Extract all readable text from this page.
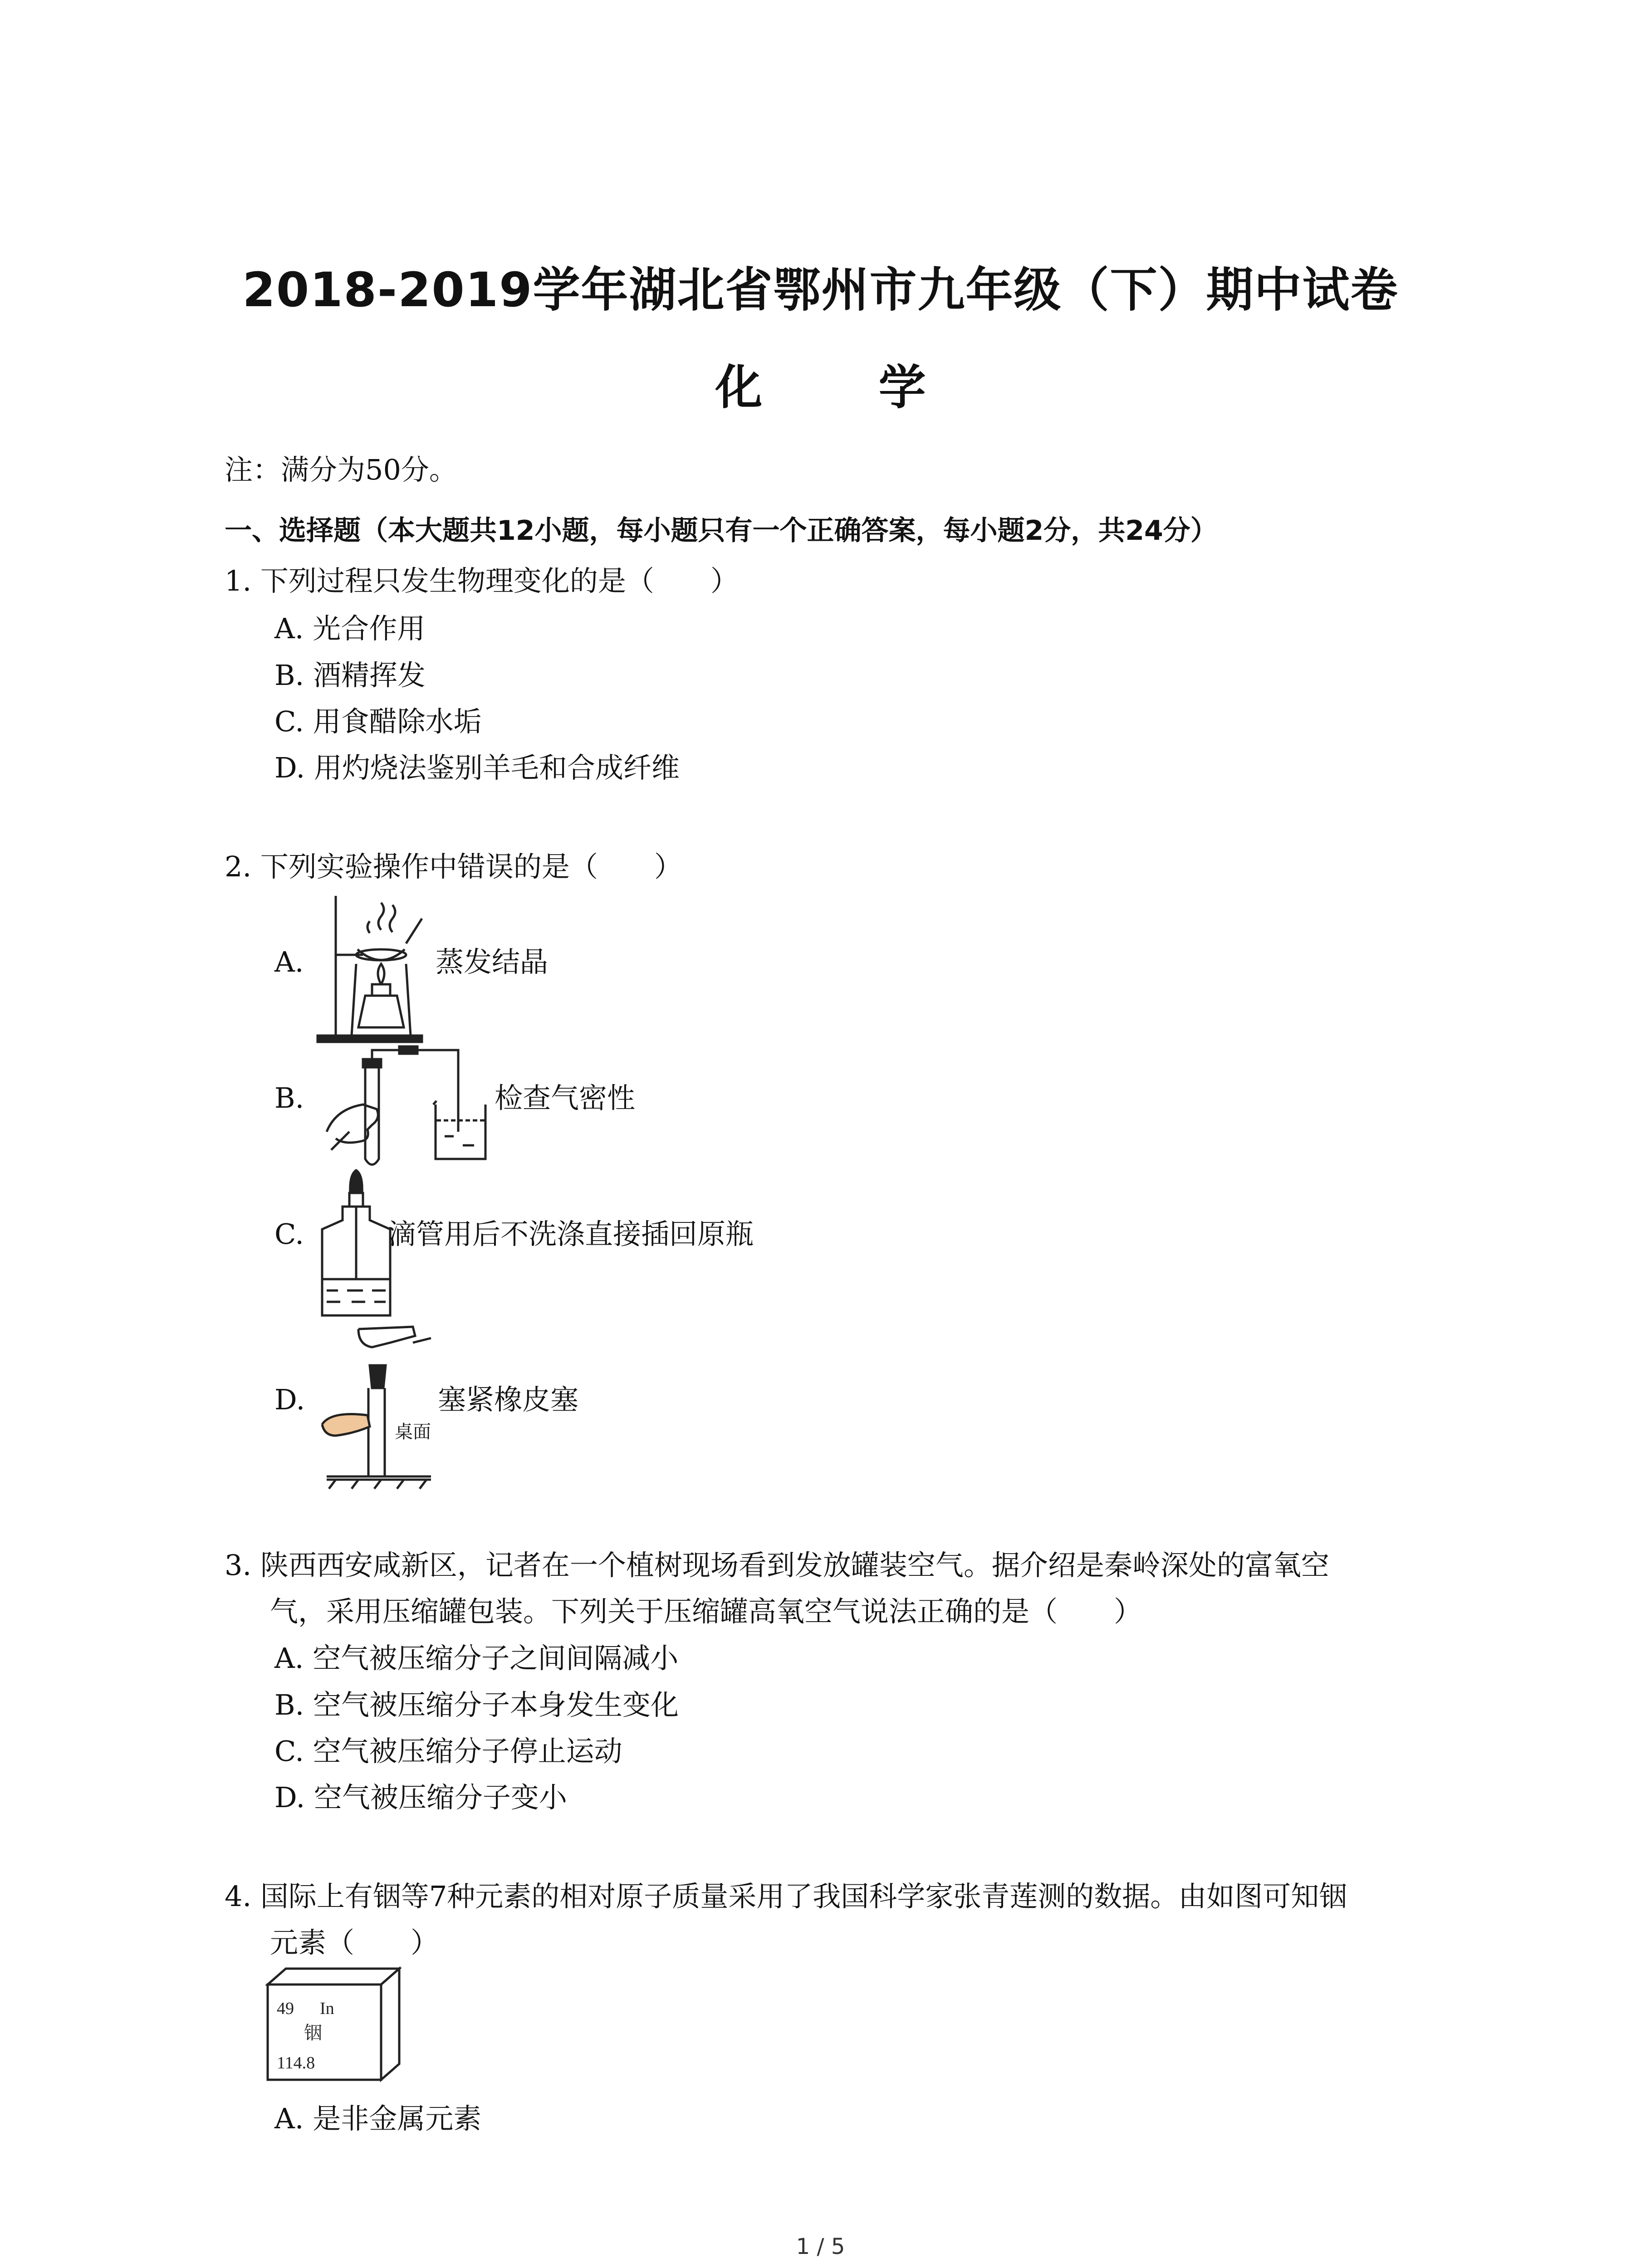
2018-2019学年湖北省鄂州市九年级（下）期中试卷
化 学
注：满分为50分。
一、选择题（本大题共12小题，每小题只有一个正确答案，每小题2分，共24分）
1. 下列过程只发生物理变化的是（　　）
A. 光合作用
B. 酒精挥发
C. 用食醋除水垢
D. 用灼烧法鉴别羊毛和合成纤维
2. 下列实验操作中错误的是（　　）
A.	蒸发结晶
B.	检查气密性
C.	滴管用后不洗涤直接插回原瓶
D.
桌面
塞紧橡皮塞
3. 陕西西安咸新区，记者在一个植树现场看到发放罐装空气。据介绍是秦岭深处的富氧空
气，采用压缩罐包装。下列关于压缩罐高氧空气说法正确的是（　　）
A. 空气被压缩分子之间间隔减小
B. 空气被压缩分子本身发生变化
C. 空气被压缩分子停止运动
D. 空气被压缩分子变小
4. 国际上有铟等7种元素的相对原子质量采用了我国科学家张青莲测的数据。由如图可知铟
元素（　　）
49 In
铟
114.8
A. 是非金属元素
1 / 5
